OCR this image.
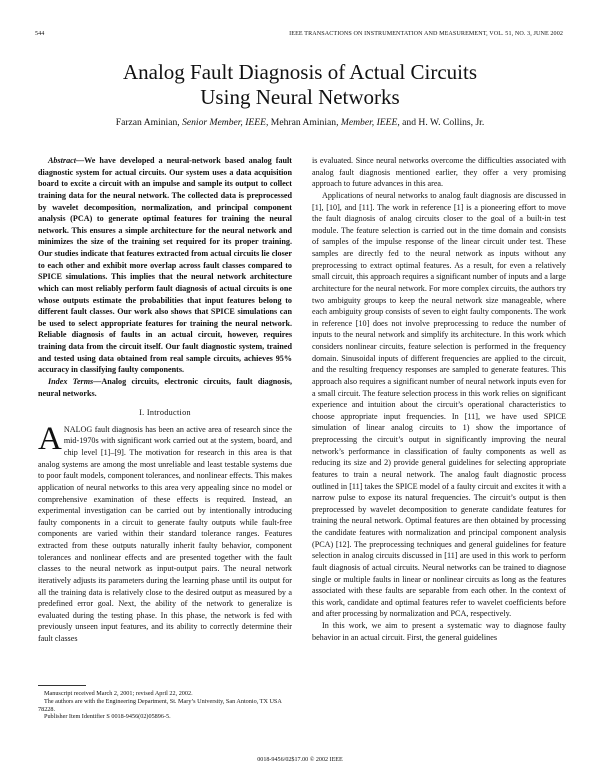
544	IEEE TRANSACTIONS ON INSTRUMENTATION AND MEASUREMENT, VOL. 51, NO. 3, JUNE 2002
Analog Fault Diagnosis of Actual Circuits
Using Neural Networks
Farzan Aminian, Senior Member, IEEE, Mehran Aminian, Member, IEEE, and H. W. Collins, Jr.

Abstract—We have developed a neural-network based analog fault diagnostic system for actual circuits. Our system uses a data acquisition board to excite a circuit with an impulse and sample its output to collect training data for the neural network. The collected data is preprocessed by wavelet decomposition, normalization, and principal component analysis (PCA) to generate optimal features for training the neural network. This ensures a simple architecture for the neural network and minimizes the size of the training set required for its proper training. Our studies indicate that features extracted from actual circuits lie closer to each other and exhibit more overlap across fault classes compared to SPICE simulations. This implies that the neural network architecture which can most reliably perform fault diagnosis of actual circuits is one whose outputs estimate the probabilities that input features belong to different fault classes. Our work also shows that SPICE simulations can be used to select appropriate features for training the neural network. Reliable diagnosis of faults in an actual circuit, however, requires training data from the circuit itself. Our fault diagnostic system, trained and tested using data obtained from real sample circuits, achieves 95% accuracy in classifying faulty components.

Index Terms—Analog circuits, electronic circuits, fault diagnosis, neural networks.

I. Introduction

ANALOG fault diagnosis has been an active area of research since the mid-1970s with significant work carried out at the system, board, and chip level [1]–[9]. The motivation for research in this area is that analog systems are among the most unreliable and least testable systems due to poor fault models, component tolerances, and nonlinear effects. This makes application of neural networks to this area very appealing since no model or comprehensive examination of these effects is required. Instead, an experimental investigation can be carried out by intentionally introducing faulty components in a circuit to generate faulty outputs while fault-free components are varied within their standard tolerance ranges. Features extracted from these outputs naturally inherit faulty behavior, component tolerances and nonlinear effects and are presented together with the fault classes to the neural network as input-output pairs. The neural network iteratively adjusts its parameters during the learning phase until its output for all the training data is relatively close to the desired output as measured by a predefined error goal. Next, the ability of the network to generalize is evaluated during the testing phase. In this phase, the network is fed with previously unseen input features, and its ability to correctly determine their fault classes

is evaluated. Since neural networks overcome the difficulties associated with analog fault diagnosis mentioned earlier, they offer a very promising approach to future advances in this area.

Applications of neural networks to analog fault diagnosis are discussed in [1], [10], and [11]. The work in reference [1] is a pioneering effort to move the fault diagnosis of analog circuits closer to the goal of a built-in test module. The feature selection is carried out in the time domain and consists of samples of the impulse response of the linear circuit under test. These samples are directly fed to the neural network as inputs without any preprocessing to extract optimal features. As a result, for even a relatively small circuit, this approach requires a significant number of inputs and a large architecture for the neural network. For more complex circuits, the authors try two ambiguity groups to keep the neural network size manageable, where each ambiguity group consists of seven to eight faulty components. The work in reference [10] does not involve preprocessing to reduce the number of inputs to the neural network and simplify its architecture. In this work which considers nonlinear circuits, feature selection is performed in the frequency domain. Sinusoidal inputs of different frequencies are applied to the circuit, and the resulting frequency responses are sampled to generate features. This approach also requires a significant number of neural network inputs even for a small circuit. The feature selection process in this work relies on significant experience and intuition about the circuit’s operational characteristics to choose appropriate input frequencies. In [11], we have used SPICE simulation of linear analog circuits to 1) show the importance of preprocessing the circuit’s output in significantly improving the neural network’s performance in classification of faulty components as well as reducing its size and 2) provide general guidelines for selecting appropriate features to train a neural network. The analog fault diagnostic process outlined in [11] takes the SPICE model of a faulty circuit and excites it with a narrow pulse to expose its natural frequencies. The circuit’s output is then preprocessed by wavelet decomposition to generate candidate features for training the neural network. Optimal features are then obtained by processing the candidate features with normalization and principal component analysis (PCA) [12]. The preprocessing techniques and general guidelines for feature selection in analog circuits discussed in [11] are used in this work to perform fault diagnosis of actual circuits. Neural networks can be trained to diagnose single or multiple faults in linear or nonlinear circuits as long as the features associated with these faults are separable from each other. In the context of this work, candidate and optimal features refer to wavelet coefficients before and after processing by normalization and PCA, respectively.

In this work, we aim to present a systematic way to diagnose faulty behavior in an actual circuit. First, the general guidelines

Manuscript received March 2, 2001; revised April 22, 2002.
The authors are with the Engineering Department, St. Mary’s University, San Antonio, TX USA 78228.
Publisher Item Identifier S 0018-9456(02)05896-5.
0018-9456/02$17.00 © 2002 IEEE
